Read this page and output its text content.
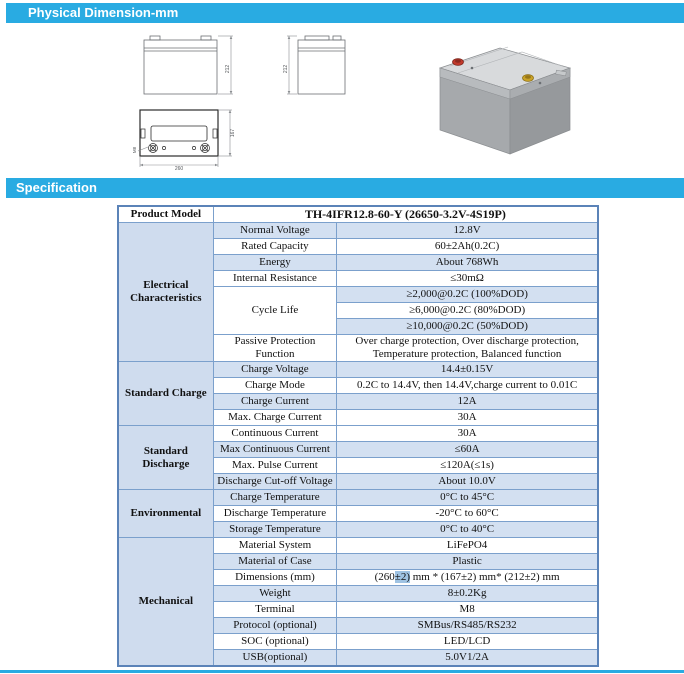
Physical Dimension-mm
212	212
260
167
M8
Specification
Product Model	TH-4IFR12.8-60-Y (26650-3.2V-4S19P)	
Electrical Characteristics	Normal Voltage	12.8V
	Rated Capacity	60±2Ah(0.2C)
	Energy	About 768Wh
	Internal Resistance	≤30mΩ
	Cycle Life	≥2,000@0.2C (100%DOD)
		≥6,000@0.2C (80%DOD)
		≥10,000@0.2C (50%DOD)
	Passive Protection Function	Over charge protection, Over discharge protection, Temperature protection, Balanced function
Standard Charge	Charge Voltage	14.4±0.15V
	Charge Mode	0.2C to 14.4V, then 14.4V,charge current to 0.01C
	Charge Current	12A
	Max. Charge Current	30A
Standard Discharge	Continuous Current	30A
	Max Continuous Current	≤60A
	Max. Pulse Current	≤120A(≤1s)
	Discharge Cut-off Voltage	About 10.0V
Environmental	Charge Temperature	0°C to 45°C
	Discharge Temperature	-20°C to 60°C
	Storage Temperature	0°C to 40°C
Mechanical	Material System	LiFePO4
	Material of Case	Plastic
	Dimensions (mm)	(260±2) mm * (167±2) mm* (212±2) mm
	Weight	8±0.2Kg
	Terminal	M8
	Protocol (optional)	SMBus/RS485/RS232
	SOC (optional)	LED/LCD
	USB(optional)	5.0V1/2A
